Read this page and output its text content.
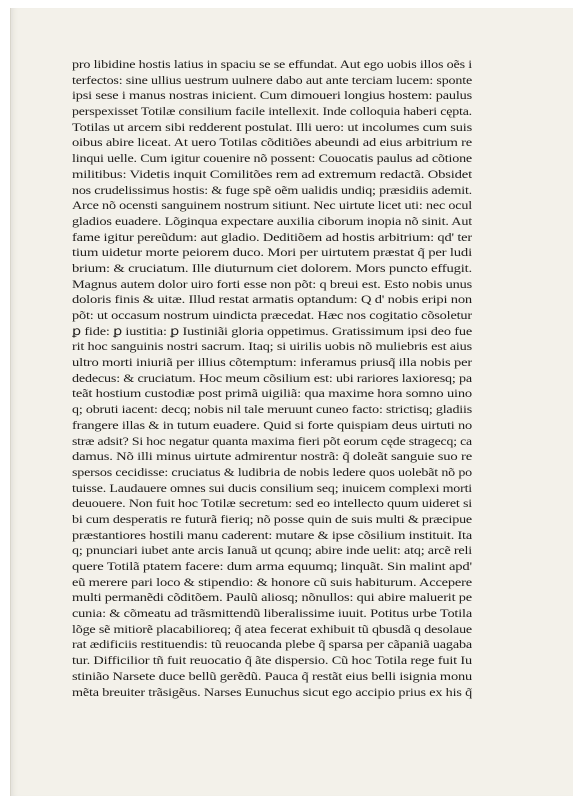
pro libidine hostis latius in spaciu se se effundat. Aut ego uobis illos oẽs i
terfectos: sine ullius uestrum uulnere dabo aut ante terciam lucem: sponte
ipsi sese i manus nostras inicient. Cum dimoueri longius hostem: paulus
perspexisset Totilæ consilium facile intellexit. Inde colloquia haberi cępta.
Totilas ut arcem sibi redderent postulat. Illi uero: ut incolumes cum suis
oibus abire liceat. At uero Totilas cõditiões abeundi ad eius arbitrium re
linqui uelle. Cum igitur couenire nõ possent: Couocatis paulus ad cõtione
militibus: Videtis inquit Comilitões rem ad extremum redactã. Obsidet
nos crudelissimus hostis: & fuge spẽ oẽm ualidis undiq; præsidiis ademit.
Arce nõ ocensti sanguinem nostrum sitiunt. Nec uirtute licet uti: nec ocul
gladios euadere. Lõginqua expectare auxilia ciborum inopia nõ sinit. Aut
fame igitur pereũdum: aut gladio. Deditiõem ad hostis arbitrium: qd' ter
tium uidetur morte peiorem duco. Mori per uirtutem præstat q̃ per ludi
brium: & cruciatum. Ille diuturnum ciet dolorem. Mors puncto effugit.
Magnus autem dolor uiro forti esse non põt: q breui est. Esto nobis unus
doloris finis & uitæ. Illud restat armatis optandum: Q d' nobis eripi non
põt: ut occasum nostrum uindicta præcedat. Hæc nos cogitatio cõsoletur
ꝑ fide: ꝑ iustitia: ꝑ Iustiniãi gloria oppetimus. Gratissimum ipsi deo fue
rit hoc sanguinis nostri sacrum. Itaq; si uirilis uobis nõ muliebris est aius
ultro morti iniuriã per illius cõtemptum: inferamus priusq̃ illa nobis per
dedecus: & cruciatum. Hoc meum cõsilium est: ubi rariores laxioresq; pa
teãt hostium custodiæ post primã uigiliã: qua maxime hora somno uino
q; obruti iacent: decq; nobis nil tale meruunt cuneo facto: strictisq; gladiis
frangere illas & in tutum euadere. Quid si forte quispiam deus uirtuti no
stræ adsit? Si hoc negatur quanta maxima fieri põt eorum cęde stragecq; ca
damus. Nõ illi minus uirtute admirentur nostrã: q̃ doleãt sanguie suo re
spersos cecidisse: cruciatus & ludibria de nobis ledere quos uolebãt nõ po
tuisse. Laudauere omnes sui ducis consilium seq; inuicem complexi morti
deuouere. Non fuit hoc Totilæ secretum: sed eo intellecto quum uideret si
bi cum desperatis re futurã fieriq; nõ posse quin de suis multi & præcipue
præstantiores hostili manu caderent: mutare & ipse cõsilium instituit. Ita
q; pnunciari iubet ante arcis Ianuã ut qcunq; abire inde uelit: atq; arcẽ reli
quere Totilã ptatem facere: dum arma equumq; linquãt. Sin malint apd'
eũ merere pari loco & stipendio: & honore cũ suis habiturum. Accepere
multi permanẽdi cõditõem. Paulũ aliosq; nõnullos: qui abire maluerit pe
cunia: & cõmeatu ad trãsmittendũ liberalissime iuuit. Potitus urbe Totila
lõge sẽ mitiorẽ placabilioreq; q̃ atea fecerat exhibuit tũ qbusdã q desolaue
rat ædificiis restituendis: tũ reuocanda plebe q̃ sparsa per cãpaniã uagaba
tur. Difficilior tñ fuit reuocatio q̃ ãte dispersio. Cũ hoc Totila rege fuit Iu
stinião Narsete duce bellũ gerẽdũ. Pauca q̃ restãt eius belli isignia monu
mẽta breuiter trãsigẽus. Narses Eunuchus sicut ego accipio prius ex his q̃
